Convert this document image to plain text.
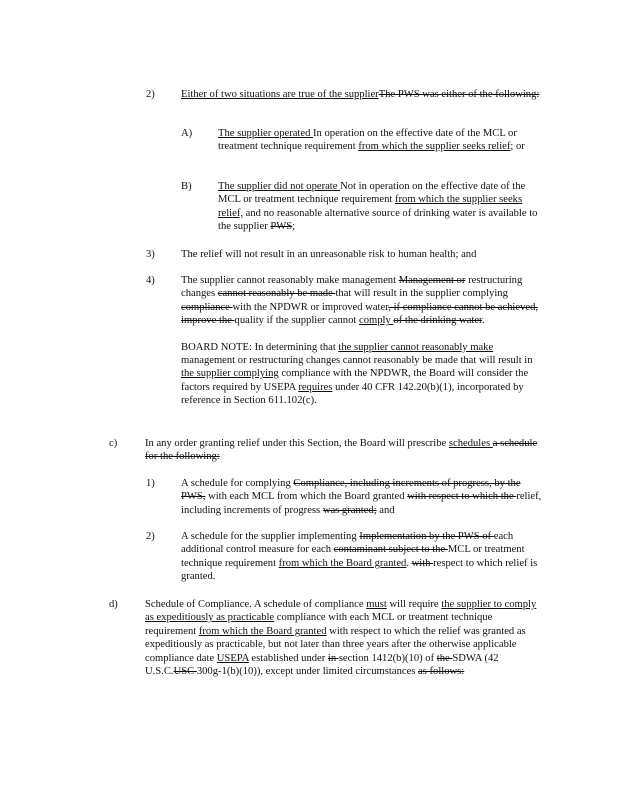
2)	Either of two situations are true of the supplierThe PWS was either of the following:

A)	The supplier operated In operation on the effective date of the MCL or treatment technique requirement from which the supplier seeks relief; or

B)	The supplier did not operate Not in operation on the effective date of the MCL or treatment technique requirement from which the supplier seeks relief, and no reasonable alternative source of drinking water is available to the supplier PWS;

3)	The relief will not result in an unreasonable risk to human health; and

4)	The supplier cannot reasonably make management Management or restructuring changes cannot reasonably be made that will result in the supplier complying compliance with the NPDWR or improved water, if compliance cannot be achieved, improve the quality if the supplier cannot comply of the drinking water.

BOARD NOTE: In determining that the supplier cannot reasonably make management or restructuring changes cannot reasonably be made that will result in the supplier complying compliance with the NPDWR, the Board will consider the factors required by USEPA requires under 40 CFR 142.20(b)(1), incorporated by reference in Section 611.102(c).

c)	In any order granting relief under this Section, the Board will prescribe schedules a schedule for the following:

1)	A schedule for complying Compliance, including increments of progress, by the PWS, with each MCL from which the Board granted with respect to which the relief, including increments of progress was granted; and

2)	A schedule for the supplier implementing Implementation by the PWS of each additional control measure for each contaminant subject to the MCL or treatment technique requirement from which the Board granted. with respect to which relief is granted.

d)	Schedule of Compliance. A schedule of compliance must will require the supplier to comply as expeditiously as practicable compliance with each MCL or treatment technique requirement from which the Board granted with respect to which the relief was granted as expeditiously as practicable, but not later than three years after the otherwise applicable compliance date USEPA established under in section 1412(b)(10) of the SDWA (42 U.S.C.USC 300g-1(b)(10)), except under limited circumstances as follows:
